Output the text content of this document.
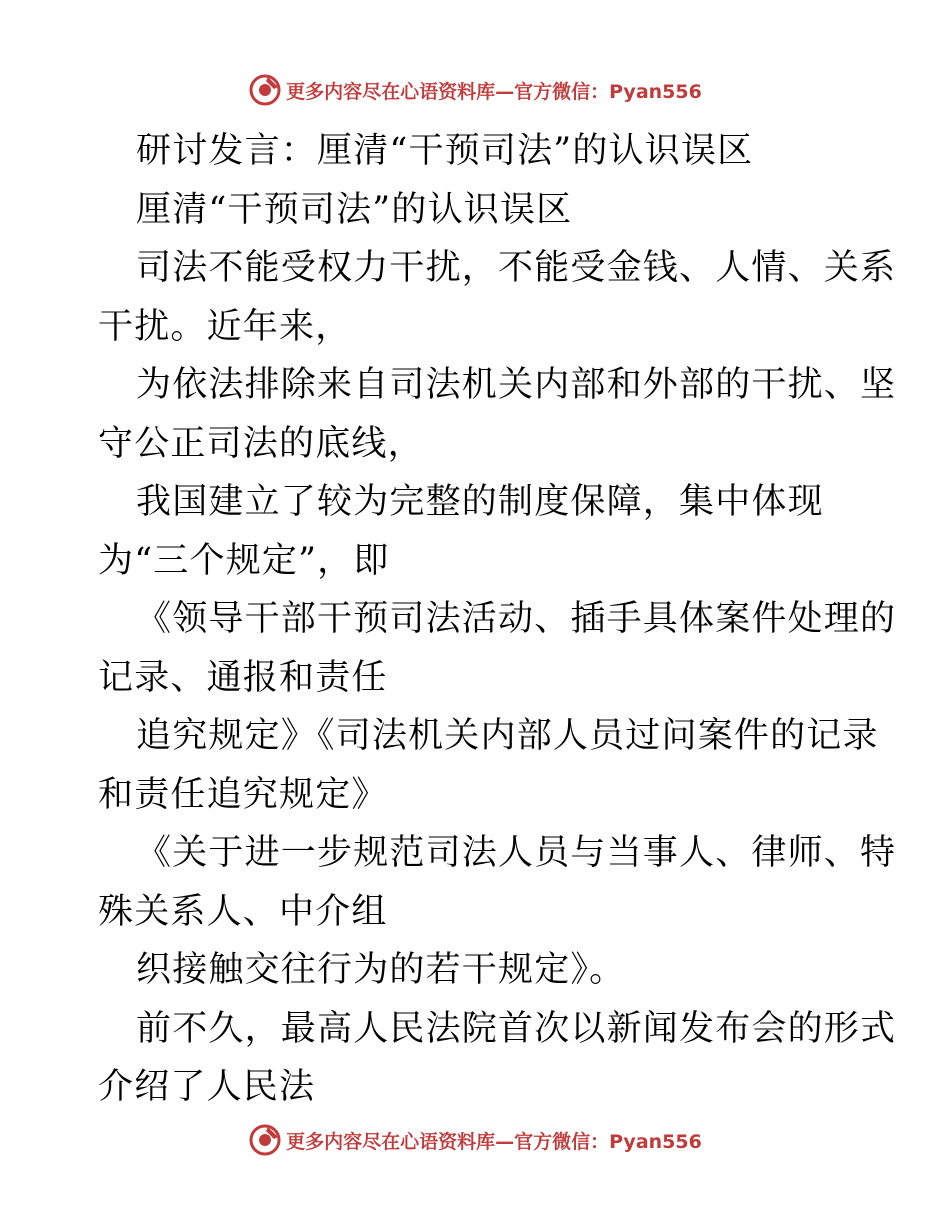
更多内容尽在心语资料库—官方微信：Pyan556

研讨发言：厘清“干预司法”的认识误区

厘清“干预司法”的认识误区

司法不能受权力干扰，不能受金钱、人情、关系

干扰。近年来，

为依法排除来自司法机关内部和外部的干扰、坚

守公正司法的底线，

我国建立了较为完整的制度保障，集中体现

为“三个规定”，即

《领导干部干预司法活动、插手具体案件处理的

记录、通报和责任

追究规定》《司法机关内部人员过问案件的记录

和责任追究规定》

《关于进一步规范司法人员与当事人、律师、特

殊关系人、中介组

织接触交往行为的若干规定》。

前不久，最高人民法院首次以新闻发布会的形式

介绍了人民法

更多内容尽在心语资料库—官方微信：Pyan556
